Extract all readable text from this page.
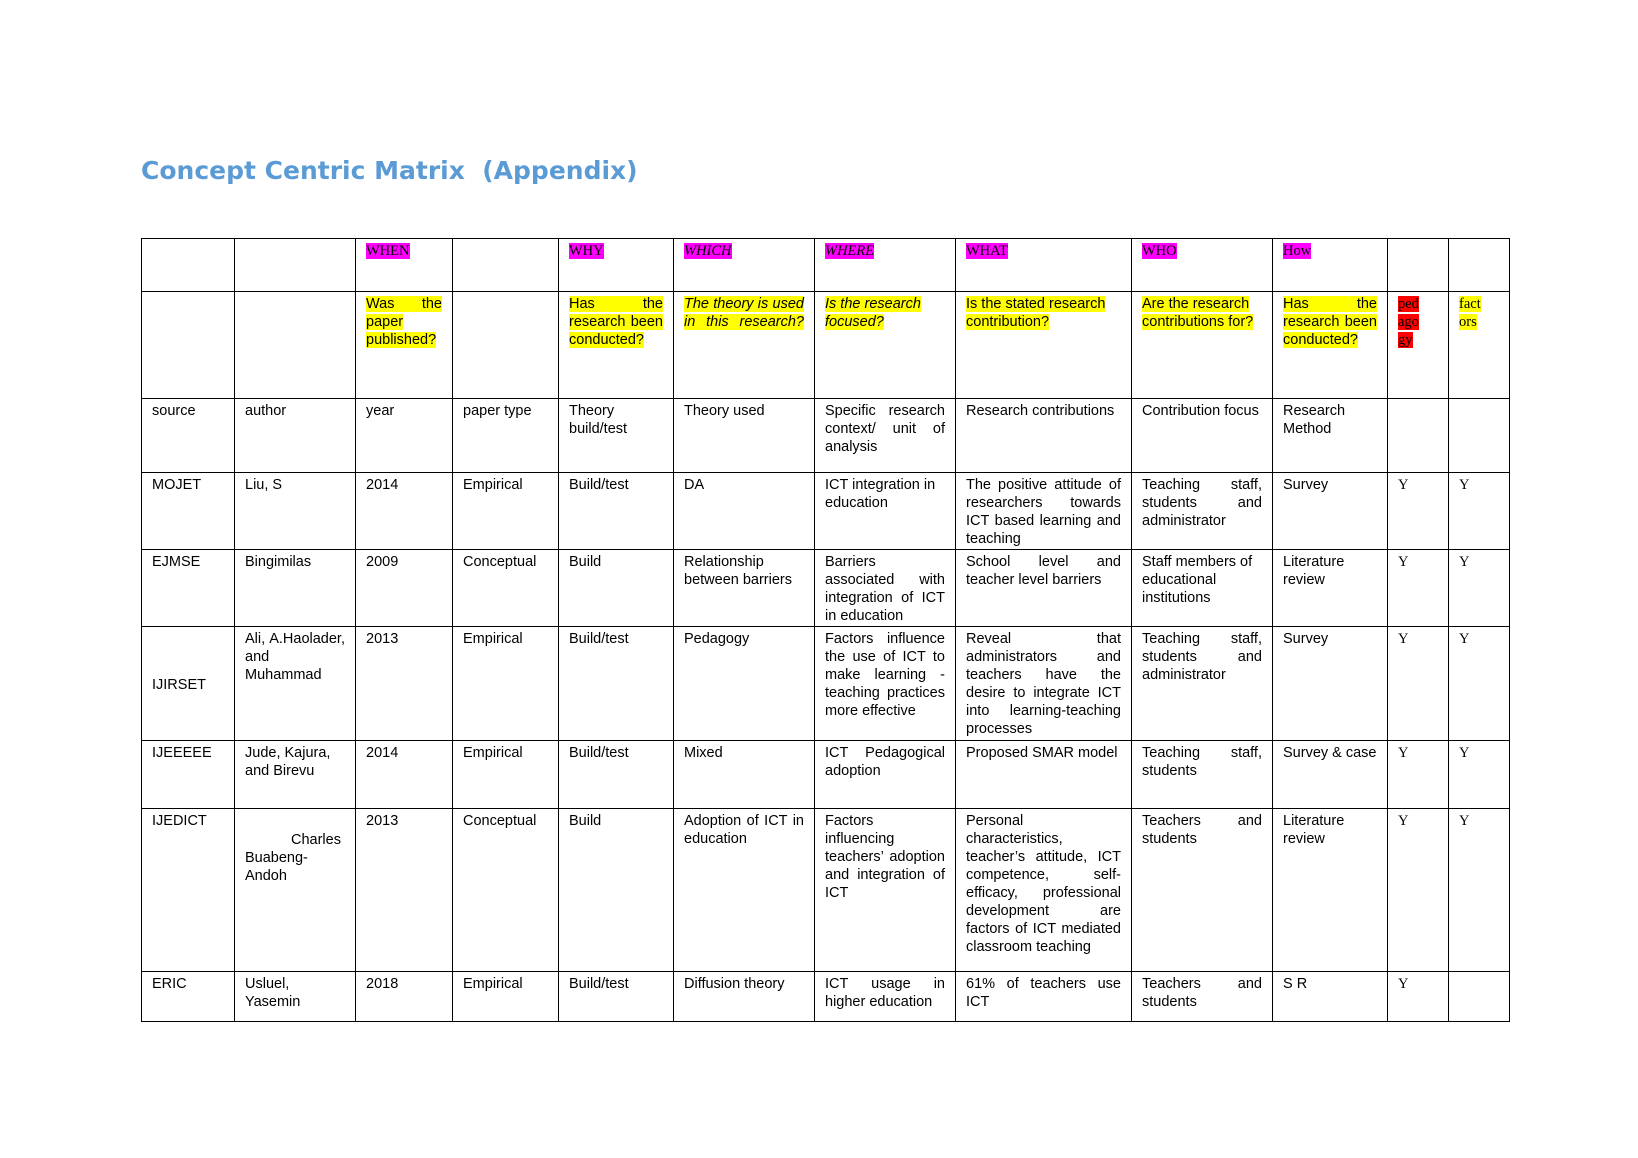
Concept Centric Matrix  (Appendix)
		WHEN		WHY	WHICH	WHERE	WHAT	WHO	How		
		Was the paper published?		Has the research been conducted?	The theory is used in this research?	Is the research focused?	Is the stated research contribution?	Are the research contributions for?	Has the research been conducted?	ped ago gy	fact ors
source	author	year	paper type	Theory build/test	Theory used	Specific research context/ unit of analysis	Research contributions	Contribution focus	Research Method		
MOJET	Liu, S	2014	Empirical	Build/test	DA	ICT integration in education	The positive attitude of researchers towards ICT based learning and teaching	Teaching staff, students and administrator	Survey	Y	Y
EJMSE	Bingimilas	2009	Conceptual	Build	Relationship between barriers	Barriers associated with integration of ICT in education	School level and teacher level barriers	Staff members of educational institutions	Literature review	Y	Y
IJIRSET	Ali, A.Haolader, and Muhammad	2013	Empirical	Build/test	Pedagogy	Factors influence the use of ICT to make learning - teaching practices more effective	Reveal that administrators and teachers have the desire to integrate ICT into learning-teaching processes	Teaching staff, students and administrator	Survey	Y	Y
IJEEEEE	Jude, Kajura, and Birevu	2014	Empirical	Build/test	Mixed	ICT Pedagogical adoption	Proposed SMAR model	Teaching staff, students	Survey & case	Y	Y
IJEDICT	Charles Buabeng-Andoh	2013	Conceptual	Build	Adoption of ICT in education	Factors influencing teachers’ adoption and integration of ICT	Personal characteristics, teacher’s attitude, ICT competence, self-efficacy, professional development are factors of ICT mediated classroom teaching	Teachers and students	Literature review	Y	Y
ERIC	Usluel, Yasemin	2018	Empirical	Build/test	Diffusion theory	ICT usage in higher education	61% of teachers use ICT	Teachers and students	S R	Y	
